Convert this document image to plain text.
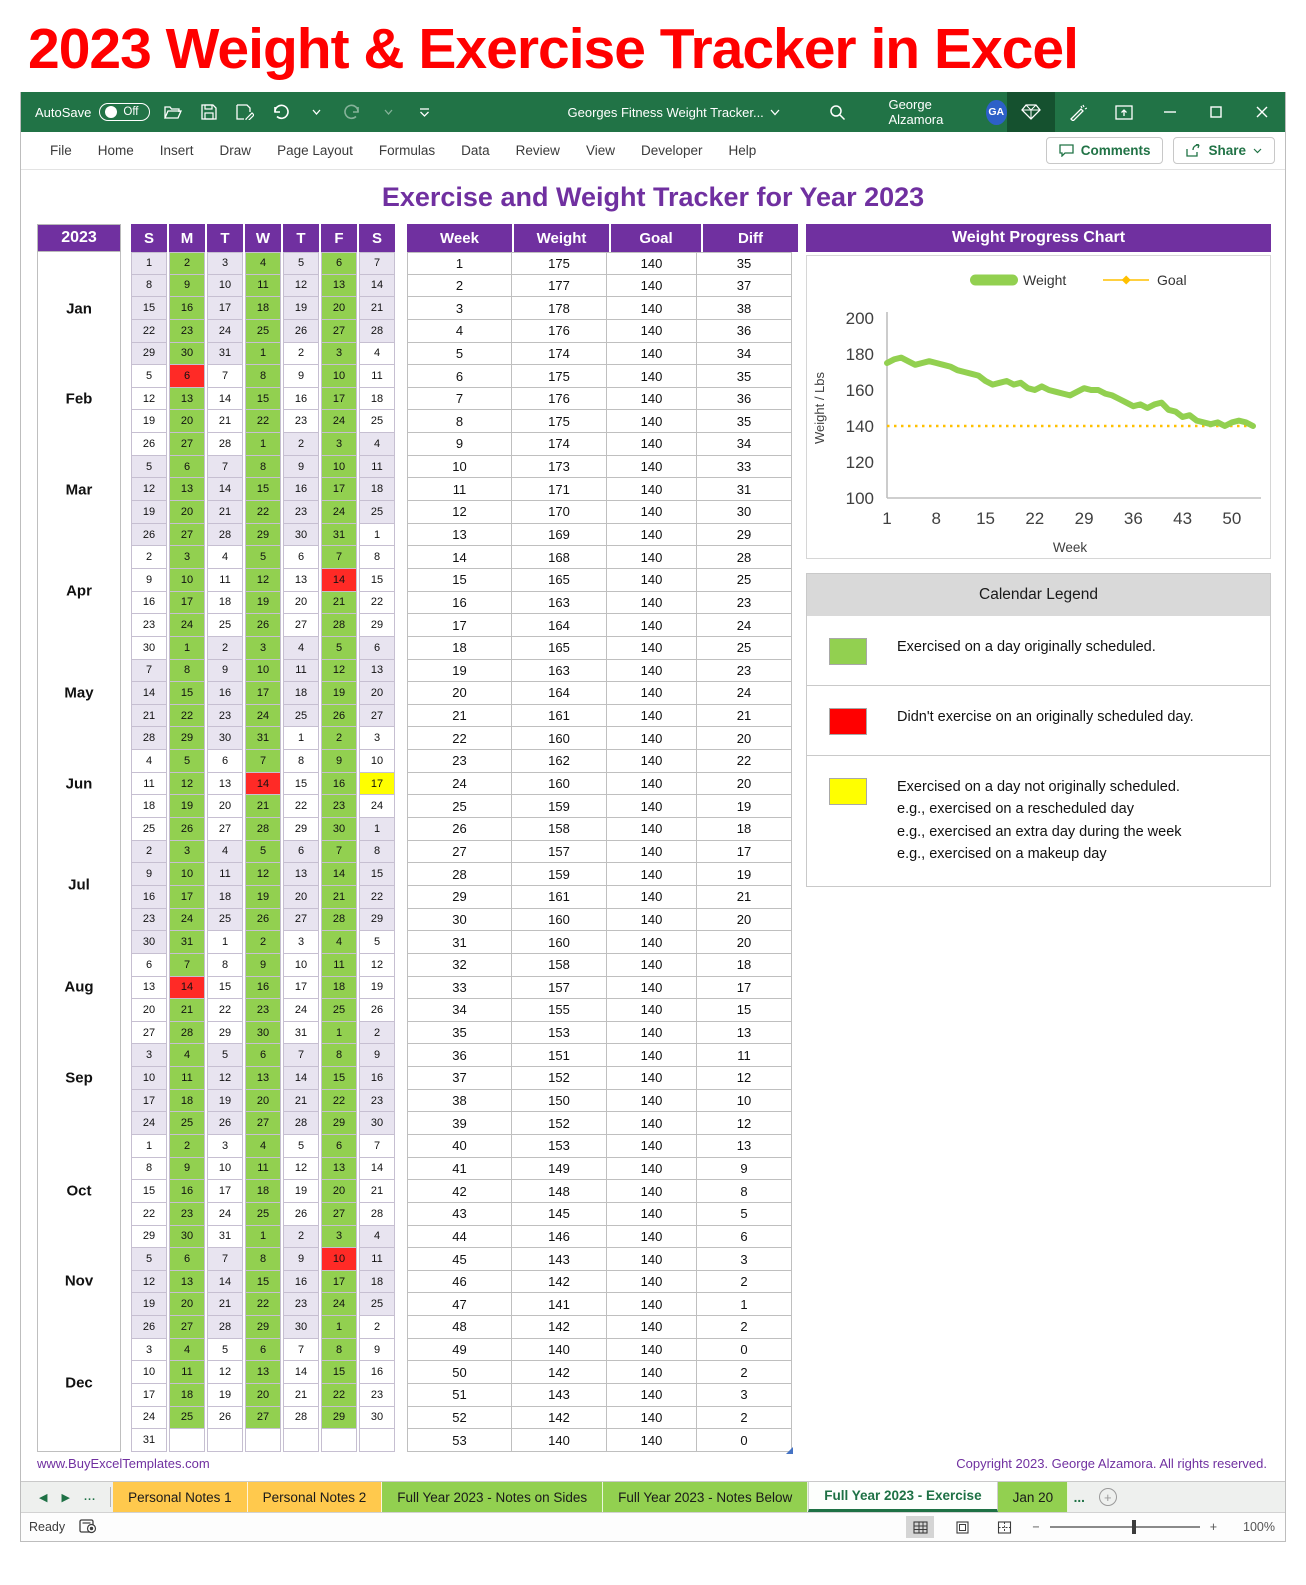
2023 Weight & Exercise Tracker in Excel
AutoSave	Off	Georges Fitness Weight Tracker...	George Alzamora	GA
File	Home	Insert	Draw	Page Layout	Formulas	Data	Review	View	Developer	Help	Comments	Share
Exercise and Weight Tracker for Year 2023
2023
Jan
Feb
Mar
Apr
May
Jun
Jul
Aug
Sep
Oct
Nov
Dec
S	M	T	W	T	F	S
1	2	3	4	5	6	7
8	9	10	11	12	13	14
15	16	17	18	19	20	21
22	23	24	25	26	27	28
29	30	31	1	2	3	4
5	6	7	8	9	10	11
12	13	14	15	16	17	18
19	20	21	22	23	24	25
26	27	28	1	2	3	4
5	6	7	8	9	10	11
12	13	14	15	16	17	18
19	20	21	22	23	24	25
26	27	28	29	30	31	1
2	3	4	5	6	7	8
9	10	11	12	13	14	15
16	17	18	19	20	21	22
23	24	25	26	27	28	29
30	1	2	3	4	5	6
7	8	9	10	11	12	13
14	15	16	17	18	19	20
21	22	23	24	25	26	27
28	29	30	31	1	2	3
4	5	6	7	8	9	10
11	12	13	14	15	16	17
18	19	20	21	22	23	24
25	26	27	28	29	30	1
2	3	4	5	6	7	8
9	10	11	12	13	14	15
16	17	18	19	20	21	22
23	24	25	26	27	28	29
30	31	1	2	3	4	5
6	7	8	9	10	11	12
13	14	15	16	17	18	19
20	21	22	23	24	25	26
27	28	29	30	31	1	2
3	4	5	6	7	8	9
10	11	12	13	14	15	16
17	18	19	20	21	22	23
24	25	26	27	28	29	30
1	2	3	4	5	6	7
8	9	10	11	12	13	14
15	16	17	18	19	20	21
22	23	24	25	26	27	28
29	30	31	1	2	3	4
5	6	7	8	9	10	11
12	13	14	15	16	17	18
19	20	21	22	23	24	25
26	27	28	29	30	1	2
3	4	5	6	7	8	9
10	11	12	13	14	15	16
17	18	19	20	21	22	23
24	25	26	27	28	29	30
31
Week	Weight	Goal	Diff
1	175	140	35
2	177	140	37
3	178	140	38
4	176	140	36
5	174	140	34
6	175	140	35
7	176	140	36
8	175	140	35
9	174	140	34
10	173	140	33
11	171	140	31
12	170	140	30
13	169	140	29
14	168	140	28
15	165	140	25
16	163	140	23
17	164	140	24
18	165	140	25
19	163	140	23
20	164	140	24
21	161	140	21
22	160	140	20
23	162	140	22
24	160	140	20
25	159	140	19
26	158	140	18
27	157	140	17
28	159	140	19
29	161	140	21
30	160	140	20
31	160	140	20
32	158	140	18
33	157	140	17
34	155	140	15
35	153	140	13
36	151	140	11
37	152	140	12
38	150	140	10
39	152	140	12
40	153	140	13
41	149	140	9
42	148	140	8
43	145	140	5
44	146	140	6
45	143	140	3
46	142	140	2
47	141	140	1
48	142	140	2
49	140	140	0
50	142	140	2
51	143	140	3
52	142	140	2
53	140	140	0
Weight Progress Chart
200
180
160
140
120
100
1 8 15 22 29 36 43 50
Week
Weight / Lbs
Weight	Goal
Calendar Legend
Exercised on a day originally scheduled.
Didn't exercise on an originally scheduled day.
Exercised on a day not originally scheduled.
e.g., exercised on a rescheduled day
e.g., exercised an extra day during the week
e.g., exercised on a makeup day
www.BuyExcelTemplates.com	Copyright 2023. George Alzamora. All rights reserved.
◀ ▶ ...	Personal Notes 1	Personal Notes 2	Full Year 2023 - Notes on Sides	Full Year 2023 - Notes Below	Full Year 2023 - Exercise	Jan 20	...	+
Ready	−	+	100%
